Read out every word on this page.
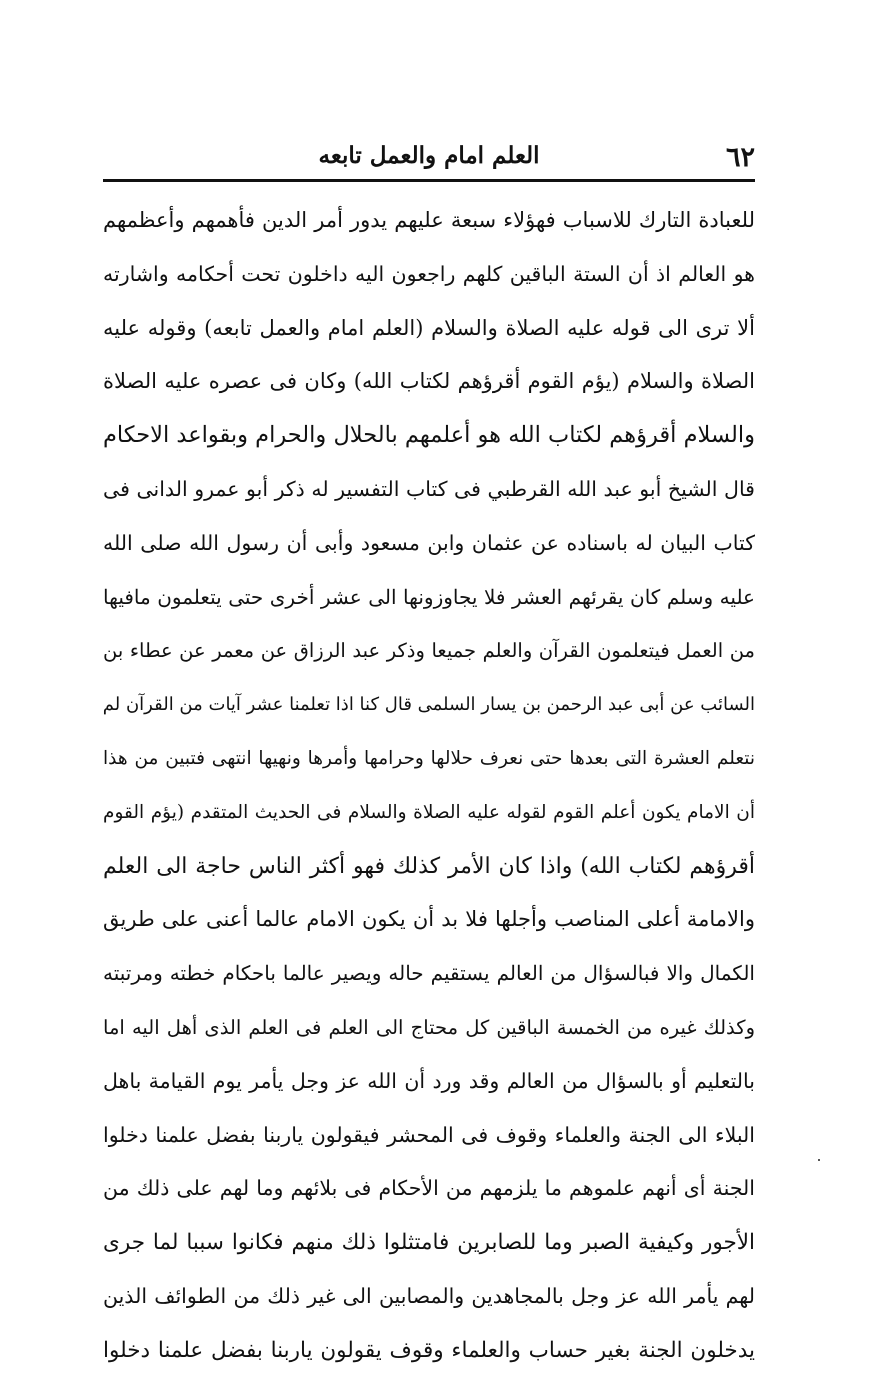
٦٢
العلم امام والعمل تابعه
للعبادة التارك للاسباب فهؤلاء سبعة عليهم يدور أمر الدين فأهمهم وأعظمهم
هو العالم اذ أن الستة الباقين كلهم راجعون اليه داخلون تحت أحكامه واشارته
ألا ترى الى قوله عليه الصلاة والسلام (العلم امام والعمل تابعه) وقوله عليه
الصلاة والسلام (يؤم القوم أقرؤهم لكتاب الله) وكان فى عصره عليه الصلاة
والسلام أقرؤهم لكتاب الله هو أعلمهم بالحلال والحرام وبقواعد الاحكام
قال الشيخ أبو عبد الله القرطبي فى كتاب التفسير له ذكر أبو عمرو الدانى فى
كتاب البيان له باسناده عن عثمان وابن مسعود وأبى أن رسول الله صلى الله
عليه وسلم كان يقرئهم العشر فلا يجاوزونها الى عشر أخرى حتى يتعلمون مافيها
من العمل فيتعلمون القرآن والعلم جميعا وذكر عبد الرزاق عن معمر عن عطاء بن
السائب عن أبى عبد الرحمن بن يسار السلمى قال كنا اذا تعلمنا عشر آيات من القرآن لم
نتعلم العشرة التى بعدها حتى نعرف حلالها وحرامها وأمرها ونهيها انتهى فتبين من هذا
أن الامام يكون أعلم القوم لقوله عليه الصلاة والسلام فى الحديث المتقدم (يؤم القوم
أقرؤهم لكتاب الله) واذا كان الأمر كذلك فهو أكثر الناس حاجة الى العلم
والامامة أعلى المناصب وأجلها فلا بد أن يكون الامام عالما أعنى على طريق
الكمال والا فبالسؤال من العالم يستقيم حاله ويصير عالما باحكام خطته ومرتبته
وكذلك غيره من الخمسة الباقين كل محتاج الى العلم فى العلم الذى أهل اليه اما
بالتعليم أو بالسؤال من العالم وقد ورد أن الله عز وجل يأمر يوم القيامة باهل
البلاء الى الجنة والعلماء وقوف فى المحشر فيقولون ياربنا بفضل علمنا دخلوا
الجنة أى أنهم علموهم ما يلزمهم من الأحكام فى بلائهم وما لهم على ذلك من
الأجور وكيفية الصبر وما للصابرين فامتثلوا ذلك منهم فكانوا سببا لما جرى
لهم يأمر الله عز وجل بالمجاهدين والمصابين الى غير ذلك من الطوائف الذين
يدخلون الجنة بغير حساب والعلماء وقوف يقولون ياربنا بفضل علمنا دخلوا
